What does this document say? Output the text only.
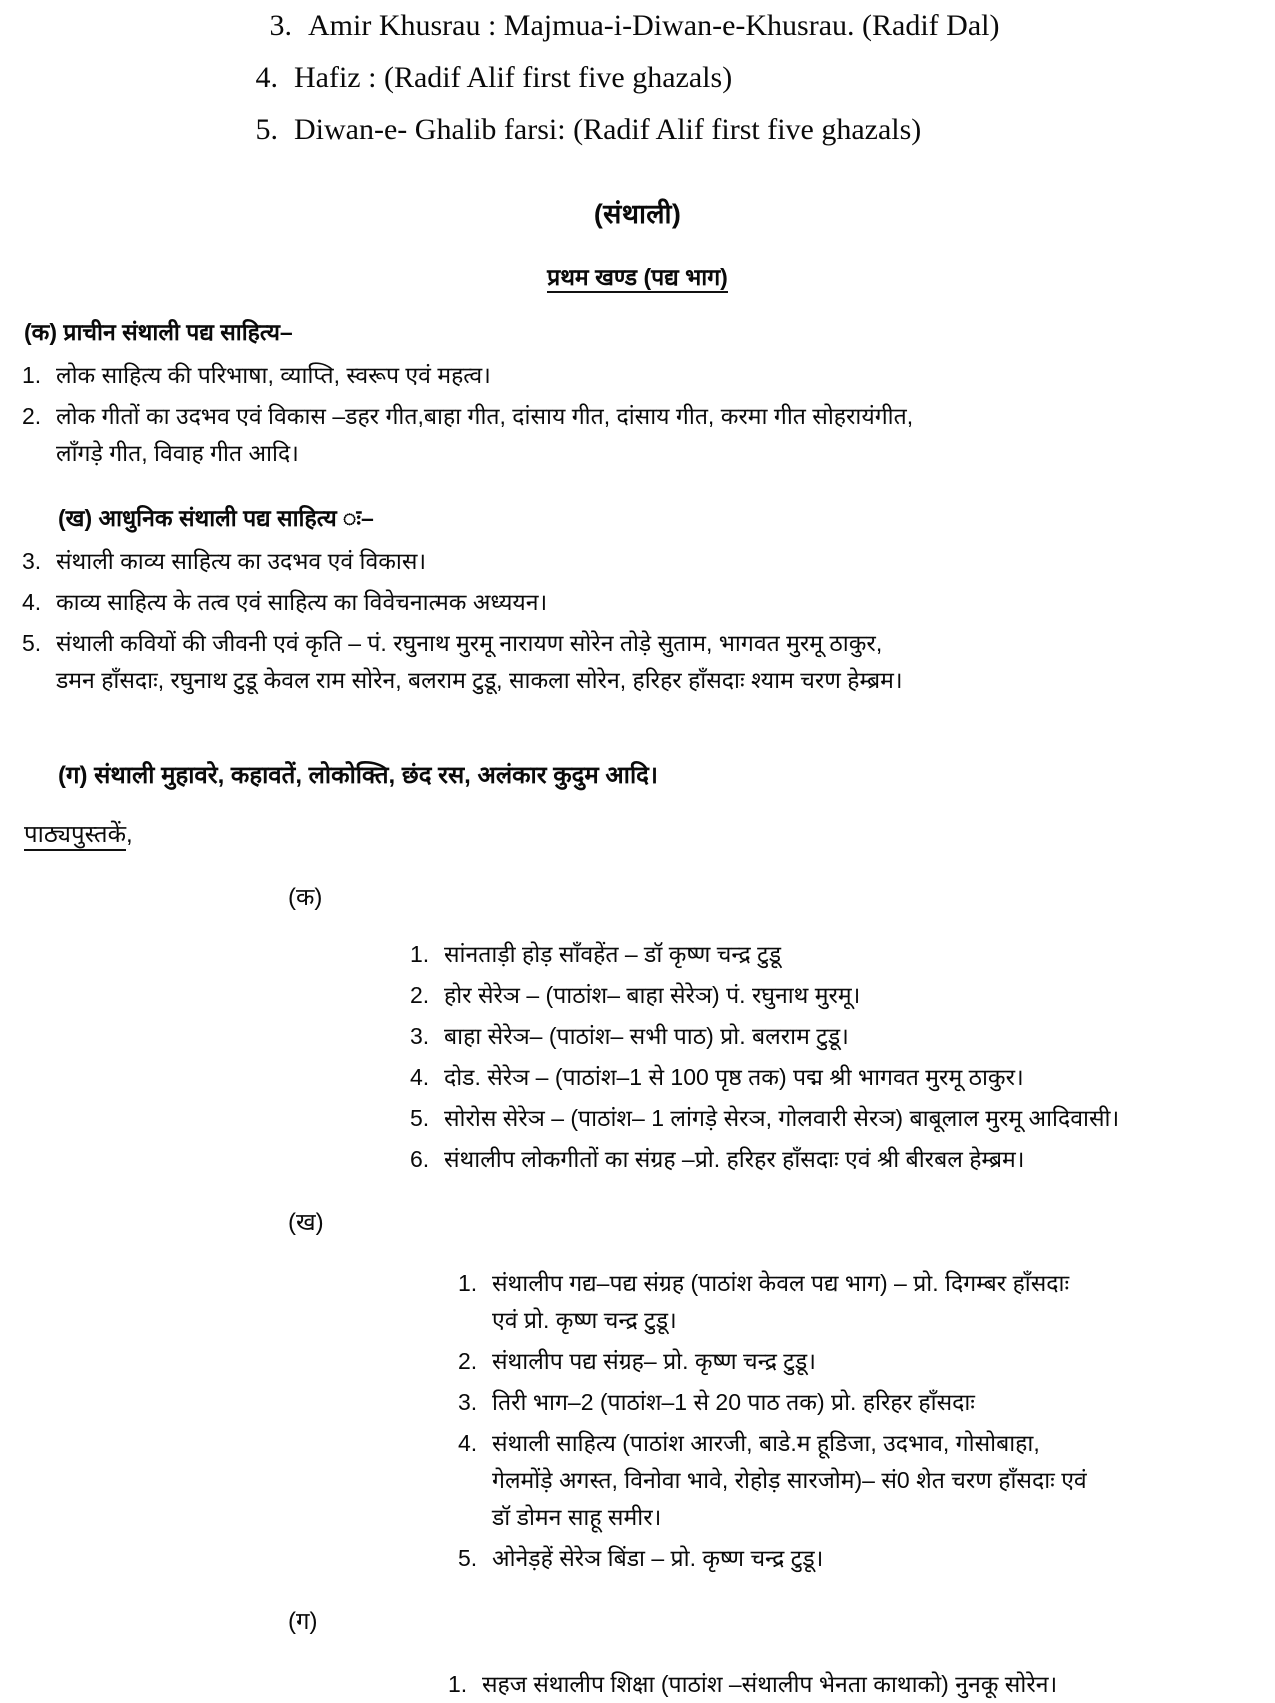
3. Amir Khusrau : Majmua-i-Diwan-e-Khusrau. (Radif Dal)
4. Hafiz : (Radif Alif first five ghazals)
5. Diwan-e- Ghalib farsi: (Radif Alif first five ghazals)
(संथाली)
प्रथम खण्ड (पद्य भाग)
(क) प्राचीन संथाली पद्य साहित्य–
1. लोक साहित्य की परिभाषा, व्याप्ति, स्वरूप एवं महत्व।
2. लोक गीतों का उदभव एवं विकास –डहर गीत,बाहा गीत, दांसाय गीत, दांसाय गीत, करमा गीत सोहरायंगीत, लाँगड़े गीत, विवाह गीत आदि।
(ख) आधुनिक संथाली पद्य साहित्य ः–
3. संथाली काव्य साहित्य का उदभव एवं विकास।
4. काव्य साहित्य के तत्व एवं साहित्य का विवेचनात्मक अध्ययन।
5. संथाली कवियों की जीवनी एवं कृति – पं. रघुनाथ मुरमू नारायण सोरेन तोड़े सुताम, भागवत मुरमू ठाकुर, डमन हाँसदाः, रघुनाथ टुडू केवल राम सोरेन, बलराम टुडू, साकला सोरेन, हरिहर हाँसदाः श्याम चरण हेम्ब्रम।
(ग) संथाली मुहावरे, कहावतें, लोकोक्ति, छंद रस, अलंकार कुदुम आदि।
पाठ्यपुस्तकें,
(क)
1. सांनताड़ी होड़ साँवहेंत – डॉ कृष्ण चन्द्र टुडू
2. होर सेरेञ – (पाठांश– बाहा सेरेञ) पं. रघुनाथ मुरमू।
3. बाहा सेरेञ– (पाठांश– सभी पाठ) प्रो. बलराम टुडू।
4. दोड. सेरेञ – (पाठांश–1 से 100 पृष्ठ तक) पद्म श्री भागवत मुरमू ठाकुर।
5. सोरोस सेरेञ – (पाठांश– 1 लांगड़े सेरञ, गोलवारी सेरञ) बाबूलाल मुरमू आदिवासी।
6. संथालीप लोकगीतों का संग्रह –प्रो. हरिहर हाँसदाः एवं श्री बीरबल हेम्ब्रम।
(ख)
1. संथालीप गद्य–पद्य संग्रह (पाठांश केवल पद्य भाग) – प्रो. दिगम्बर हाँसदाः एवं प्रो. कृष्ण चन्द्र टुडू।
2. संथालीप पद्य संग्रह– प्रो. कृष्ण चन्द्र टुडू।
3. तिरी भाग–2 (पाठांश–1 से 20 पाठ तक) प्रो. हरिहर हाँसदाः
4. संथाली साहित्य (पाठांश आरजी, बाडे.म हूडिजा, उदभाव, गोसोबाहा, गेलमोंड़े अगस्त, विनोवा भावे, रोहोड़ सारजोम)– सं0 शेत चरण हाँसदाः एवं डॉ डोमन साहू समीर।
5. ओनेड़हें सेरेञ बिंडा – प्रो. कृष्ण चन्द्र टुडू।
(ग)
1. सहज संथालीप शिक्षा (पाठांश –संथालीप भेनता काथाको) नुनकू सोरेन।
